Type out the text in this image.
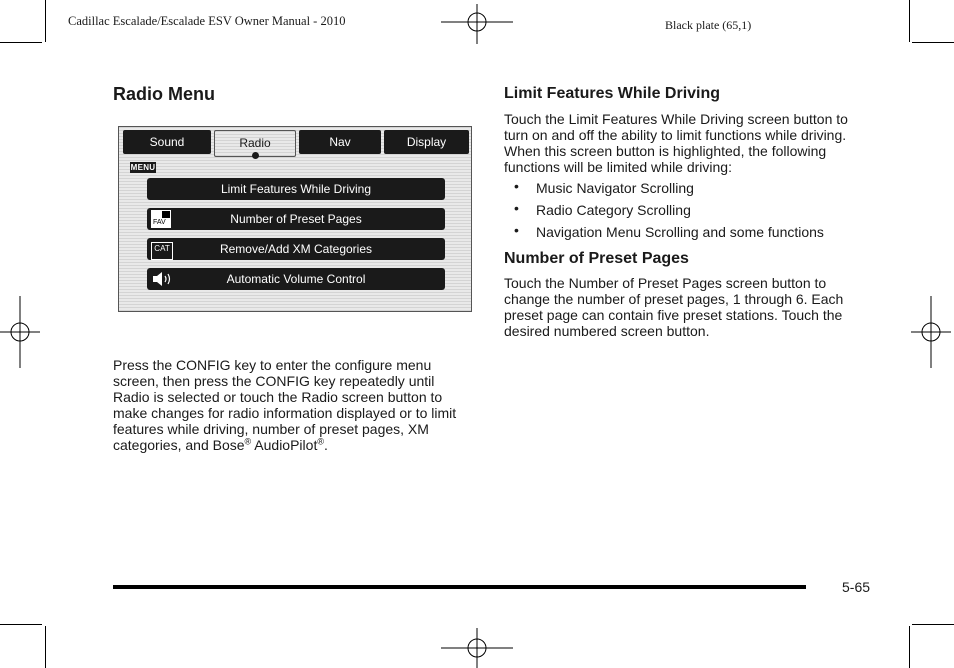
Cadillac Escalade/Escalade ESV Owner Manual - 2010	Black plate (65,1)
Radio Menu
Sound	Radio	Nav	Display
MENU
Limit Features While Driving
FAV	Number of Preset Pages
CAT	Remove/Add XM Categories
Automatic Volume Control

Press the CONFIG key to enter the configure menu screen, then press the CONFIG key repeatedly until Radio is selected or touch the Radio screen button to make changes for radio information displayed or to limit features while driving, number of preset pages, XM categories, and Bose® AudioPilot®.

Limit Features While Driving

Touch the Limit Features While Driving screen button to turn on and off the ability to limit functions while driving. When this screen button is highlighted, the following functions will be limited while driving:

• Music Navigator Scrolling
• Radio Category Scrolling
• Navigation Menu Scrolling and some functions
Number of Preset Pages

Touch the Number of Preset Pages screen button to change the number of preset pages, 1 through 6. Each preset page can contain five preset stations. Touch the desired numbered screen button.

5-65
